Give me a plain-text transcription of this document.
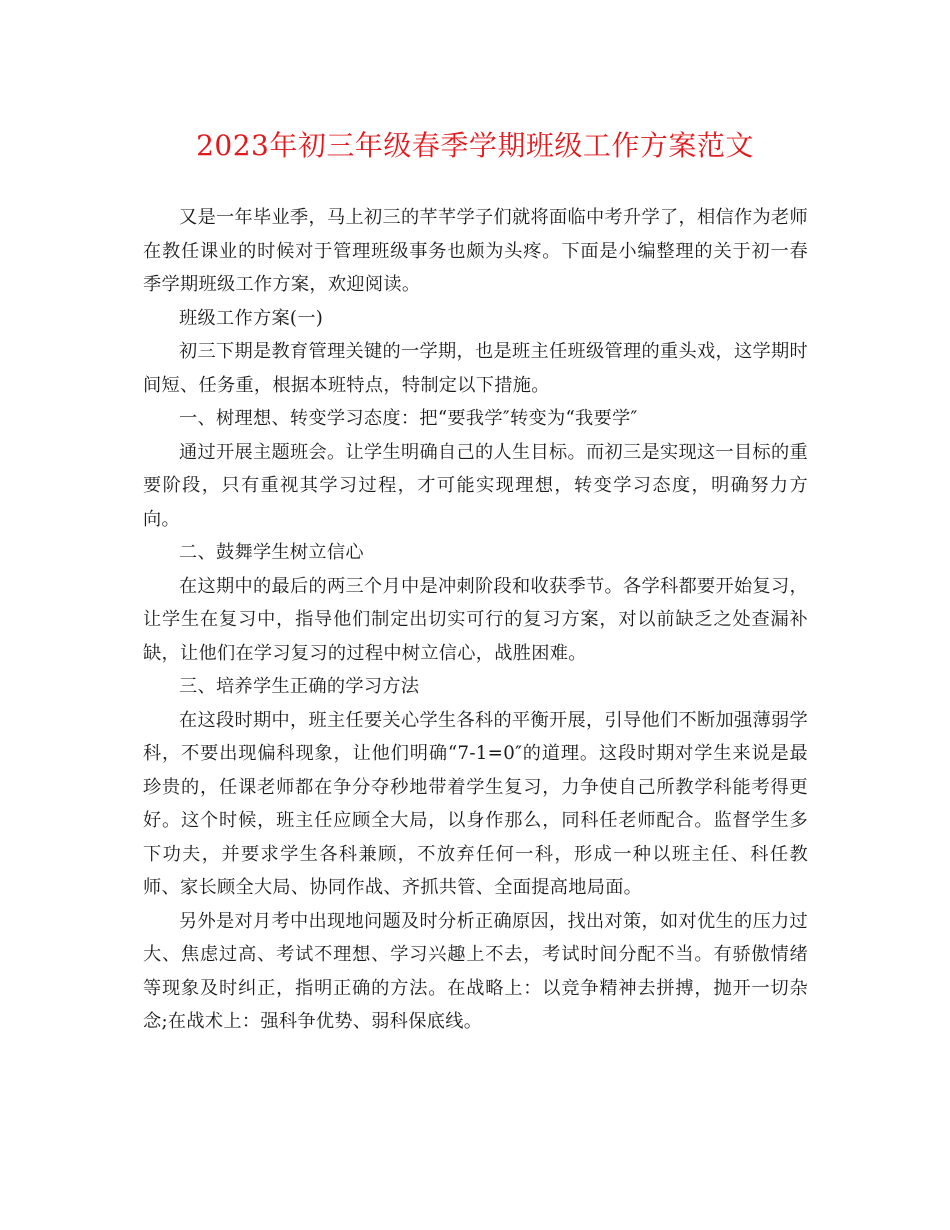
2023年初三年级春季学期班级工作方案范文

又是一年毕业季，马上初三的芊芊学子们就将面临中考升学了，相信作为老师在教任课业的时候对于管理班级事务也颇为头疼。下面是小编整理的关于初一春季学期班级工作方案，欢迎阅读。

班级工作方案(一)

初三下期是教育管理关键的一学期，也是班主任班级管理的重头戏，这学期时间短、任务重，根据本班特点，特制定以下措施。

一、树理想、转变学习态度：把“要我学″转变为“我要学″

通过开展主题班会。让学生明确自己的人生目标。而初三是实现这一目标的重要阶段，只有重视其学习过程，才可能实现理想，转变学习态度，明确努力方向。

二、鼓舞学生树立信心

在这期中的最后的两三个月中是冲刺阶段和收获季节。各学科都要开始复习，让学生在复习中，指导他们制定出切实可行的复习方案，对以前缺乏之处查漏补缺，让他们在学习复习的过程中树立信心，战胜困难。

三、培养学生正确的学习方法

在这段时期中，班主任要关心学生各科的平衡开展，引导他们不断加强薄弱学科，不要出现偏科现象，让他们明确“7-1=0″的道理。这段时期对学生来说是最珍贵的，任课老师都在争分夺秒地带着学生复习，力争使自己所教学科能考得更好。这个时候，班主任应顾全大局，以身作那么，同科任老师配合。监督学生多下功夫，并要求学生各科兼顾，不放弃任何一科，形成一种以班主任、科任教师、家长顾全大局、协同作战、齐抓共管、全面提高地局面。

另外是对月考中出现地问题及时分析正确原因，找出对策，如对优生的压力过大、焦虑过高、考试不理想、学习兴趣上不去，考试时间分配不当。有骄傲情绪等现象及时纠正，指明正确的方法。在战略上：以竞争精神去拼搏，抛开一切杂念;在战术上：强科争优势、弱科保底线。
